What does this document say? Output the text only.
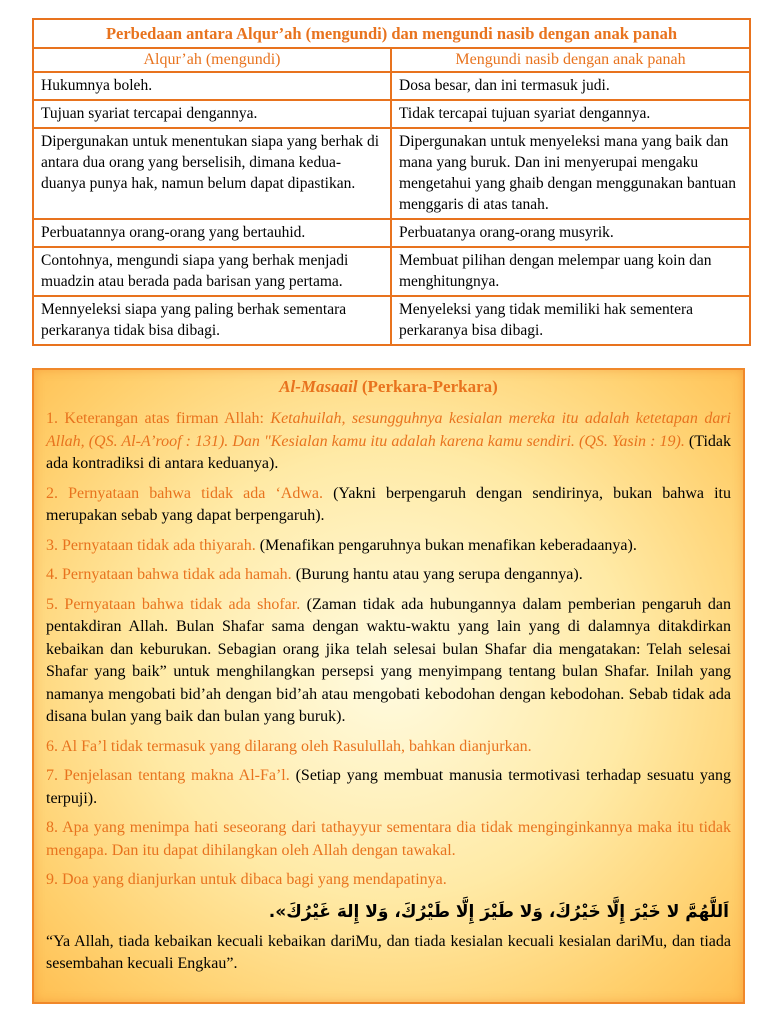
Perbedaan antara Alqur’ah (mengundi) dan mengundi nasib dengan anak panah	
Alqur’ah (mengundi)	Mengundi nasib dengan anak panah
Hukumnya boleh.	Dosa besar, dan ini termasuk judi.
Tujuan syariat tercapai dengannya.	Tidak tercapai tujuan syariat dengannya.
Dipergunakan untuk menentukan siapa yang berhak di antara dua orang yang berselisih, dimana kedua-duanya punya hak, namun belum dapat dipastikan.	Dipergunakan untuk menyeleksi mana yang baik dan mana yang buruk. Dan ini menyerupai mengaku mengetahui yang ghaib dengan menggunakan bantuan menggaris di atas tanah.
Perbuatannya orang-orang yang bertauhid.	Perbuatanya orang-orang musyrik.
Contohnya, mengundi siapa yang berhak menjadi muadzin atau berada pada barisan yang pertama.	Membuat pilihan dengan melempar uang koin dan menghitungnya.
Mennyeleksi siapa yang paling berhak sementara perkaranya tidak bisa dibagi.	Menyeleksi yang tidak memiliki hak sementera perkaranya bisa dibagi.
Al-Masaail (Perkara-Perkara)

1. Keterangan atas firman Allah: Ketahuilah, sesungguhnya kesialan mereka itu adalah ketetapan dari Allah, (QS. Al-A’roof : 131). Dan "Kesialan kamu itu adalah karena kamu sendiri. (QS. Yasin : 19). (Tidak ada kontradiksi di antara keduanya).

2. Pernyataan bahwa tidak ada ‘Adwa. (Yakni berpengaruh dengan sendirinya, bukan bahwa itu merupakan sebab yang dapat berpengaruh).

3. Pernyataan tidak ada thiyarah. (Menafikan pengaruhnya bukan menafikan keberadaanya).

4. Pernyataan bahwa tidak ada hamah. (Burung hantu atau yang serupa dengannya).

5. Pernyataan bahwa tidak ada shofar. (Zaman tidak ada hubungannya dalam pemberian pengaruh dan pentakdiran Allah. Bulan Shafar sama dengan waktu-waktu yang lain yang di dalamnya ditakdirkan kebaikan dan keburukan. Sebagian orang jika telah selesai bulan Shafar dia mengatakan: Telah selesai Shafar yang baik” untuk menghilangkan persepsi yang menyimpang tentang bulan Shafar. Inilah yang namanya mengobati bid’ah dengan bid’ah atau mengobati kebodohan dengan kebodohan. Sebab tidak ada disana bulan yang baik dan bulan yang buruk).

6. Al Fa’l tidak termasuk yang dilarang oleh Rasulullah, bahkan dianjurkan.

7. Penjelasan tentang makna Al-Fa’l. (Setiap yang membuat manusia termotivasi terhadap sesuatu yang terpuji).

8. Apa yang menimpa hati seseorang dari tathayyur sementara dia tidak menginginkannya maka itu tidak mengapa. Dan itu dapat dihilangkan oleh Allah dengan tawakal.

9. Doa yang dianjurkan untuk dibaca bagi yang mendapatinya.

اَللَّهُمَّ لا خَيْرَ إِلَّا خَيْرُكَ، وَلا طَيْرَ إِلَّا طَيْرُكَ، وَلا إِلهَ غَيْرُكَ».

“Ya Allah, tiada kebaikan kecuali kebaikan dariMu, dan tiada kesialan kecuali kesialan dariMu, dan tiada sesembahan kecuali Engkau”.
